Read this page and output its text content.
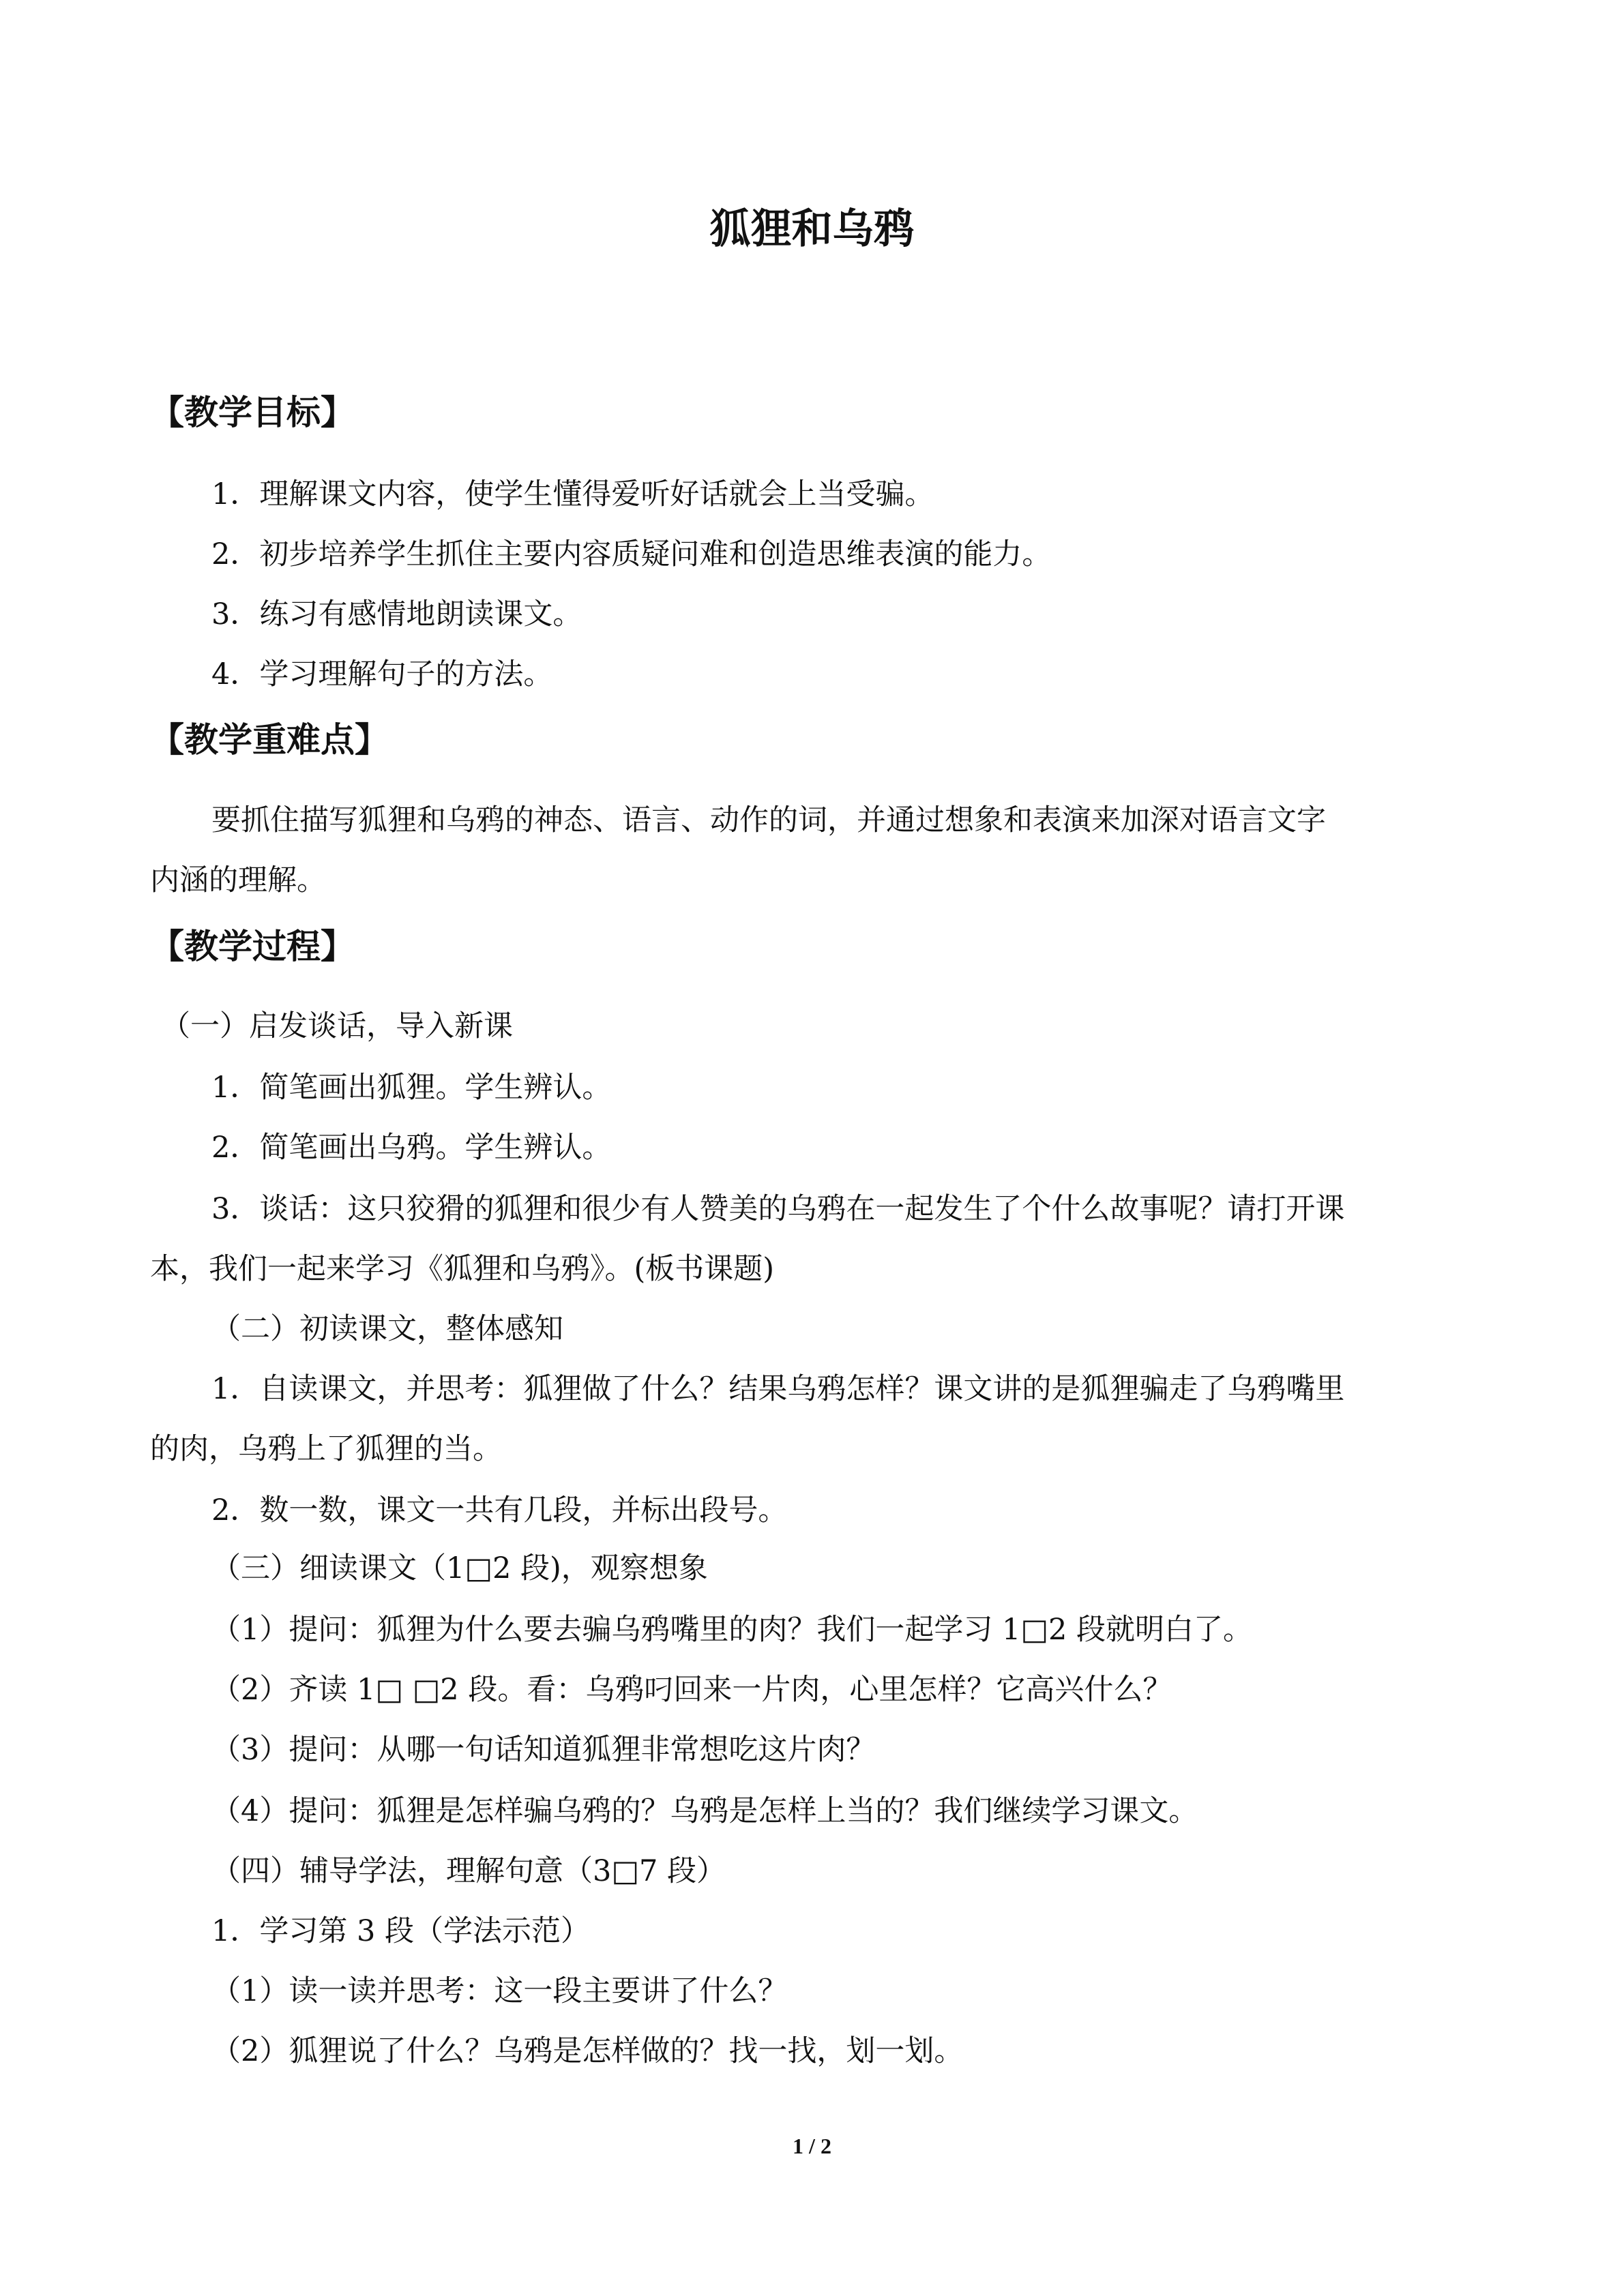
狐狸和乌鸦
【教学目标】
1．理解课文内容，使学生懂得爱听好话就会上当受骗。
2．初步培养学生抓住主要内容质疑问难和创造思维表演的能力。
3．练习有感情地朗读课文。
4．学习理解句子的方法。
【教学重难点】
要抓住描写狐狸和乌鸦的神态、语言、动作的词，并通过想象和表演来加深对语言文字
内涵的理解。
【教学过程】
（一）启发谈话，导入新课
1．简笔画出狐狸。学生辨认。
2．简笔画出乌鸦。学生辨认。
3．谈话：这只狡猾的狐狸和很少有人赞美的乌鸦在一起发生了个什么故事呢？请打开课
本，我们一起来学习《狐狸和乌鸦》。(板书课题)
（二）初读课文，整体感知
1．自读课文，并思考：狐狸做了什么？结果乌鸦怎样？课文讲的是狐狸骗走了乌鸦嘴里
的肉，乌鸦上了狐狸的当。
2．数一数，课文一共有几段，并标出段号。
（三）细读课文（1□2 段)，观察想象
（1）提问：狐狸为什么要去骗乌鸦嘴里的肉？我们一起学习 1□2 段就明白了。
（2）齐读 1□ □2 段。看：乌鸦叼回来一片肉，心里怎样？它高兴什么？
（3）提问：从哪一句话知道狐狸非常想吃这片肉？
（4）提问：狐狸是怎样骗乌鸦的？乌鸦是怎样上当的？我们继续学习课文。
（四）辅导学法，理解句意（3□7 段）
1．学习第 3 段（学法示范）
（1）读一读并思考：这一段主要讲了什么？
（2）狐狸说了什么？乌鸦是怎样做的？找一找，划一划。
1 / 2
